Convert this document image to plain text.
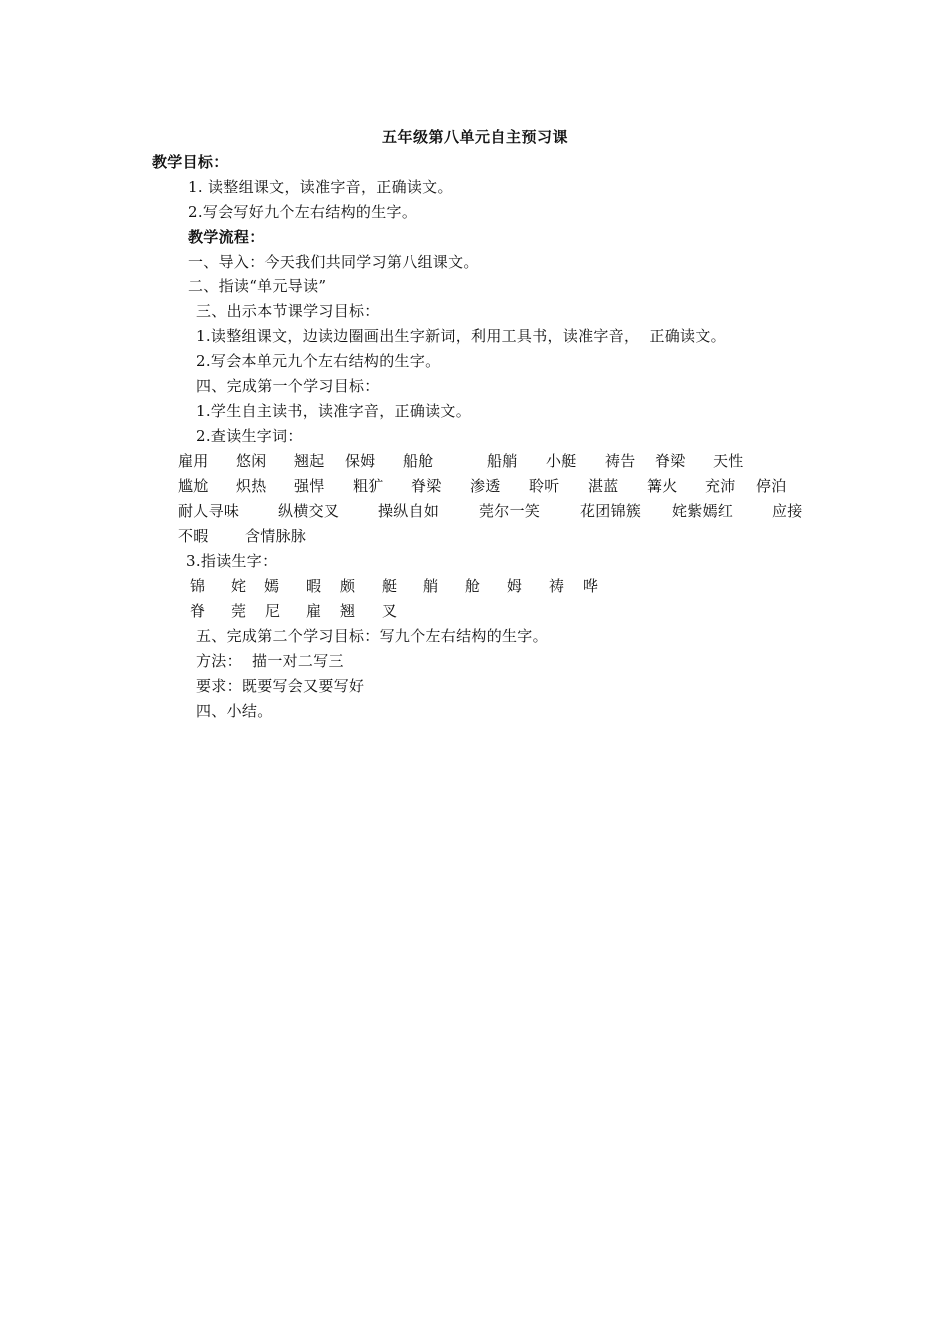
五年级第八单元自主预习课
教学目标：
1. 读整组课文，读准字音，正确读文。
2.写会写好九个左右结构的生字。
教学流程：
一、导入：今天我们共同学习第八组课文。
二、指读“单元导读”
三、出示本节课学习目标：
1.读整组课文，边读边圈画出生字新词，利用工具书，读准字音，  正确读文。
2.写会本单元九个左右结构的生字。
四、完成第一个学习目标：
1.学生自主读书，读准字音，正确读文。
2.查读生字词：
雇用 悠闲 翘起 保姆 船舱	船艄 小艇 祷告 脊梁 天性
尴尬 炽热 强悍 粗犷 脊梁 渗透 聆听 湛蓝 篝火 充沛 停泊
耐人寻味	纵横交叉	操纵自如	莞尔一笑	花团锦簇 姹紫嫣红	应接
不暇 含情脉脉
3.指读生字：
锦 姹 嫣 暇 颇 艇 艄 舱 姆 祷 哗
脊 莞 尼 雇 翘 叉
五、完成第二个学习目标：写九个左右结构的生字。
方法：  描一对二写三
要求：既要写会又要写好
四、小结。
